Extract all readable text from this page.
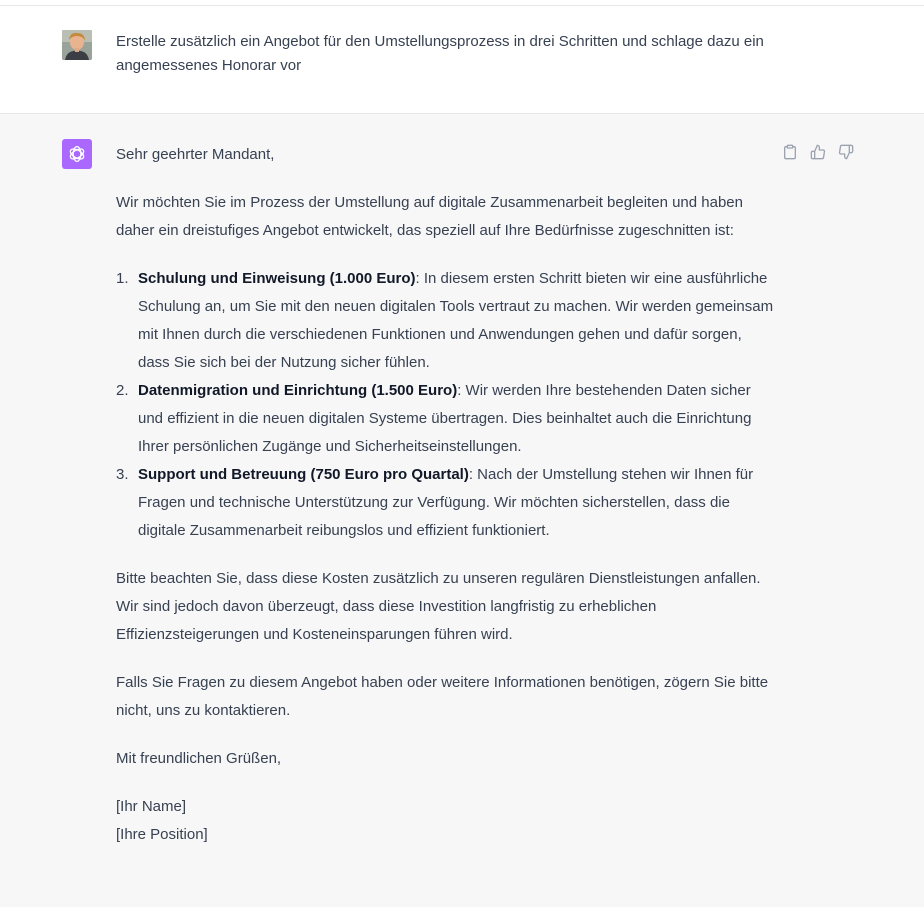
Erstelle zusätzlich ein Angebot für den Umstellungsprozess in drei Schritten und schlage dazu ein angemessenes Honorar vor

Sehr geehrter Mandant,

Wir möchten Sie im Prozess der Umstellung auf digitale Zusammenarbeit begleiten und haben daher ein dreistufiges Angebot entwickelt, das speziell auf Ihre Bedürfnisse zugeschnitten ist:

1. Schulung und Einweisung (1.000 Euro): In diesem ersten Schritt bieten wir eine ausführliche Schulung an, um Sie mit den neuen digitalen Tools vertraut zu machen. Wir werden gemeinsam mit Ihnen durch die verschiedenen Funktionen und Anwendungen gehen und dafür sorgen, dass Sie sich bei der Nutzung sicher fühlen.
2. Datenmigration und Einrichtung (1.500 Euro): Wir werden Ihre bestehenden Daten sicher und effizient in die neuen digitalen Systeme übertragen. Dies beinhaltet auch die Einrichtung Ihrer persönlichen Zugänge und Sicherheitseinstellungen.
3. Support und Betreuung (750 Euro pro Quartal): Nach der Umstellung stehen wir Ihnen für Fragen und technische Unterstützung zur Verfügung. Wir möchten sicherstellen, dass die digitale Zusammenarbeit reibungslos und effizient funktioniert.

Bitte beachten Sie, dass diese Kosten zusätzlich zu unseren regulären Dienstleistungen anfallen. Wir sind jedoch davon überzeugt, dass diese Investition langfristig zu erheblichen Effizienzsteigerungen und Kosteneinsparungen führen wird.

Falls Sie Fragen zu diesem Angebot haben oder weitere Informationen benötigen, zögern Sie bitte nicht, uns zu kontaktieren.

Mit freundlichen Grüßen,

[Ihr Name]

[Ihre Position]
